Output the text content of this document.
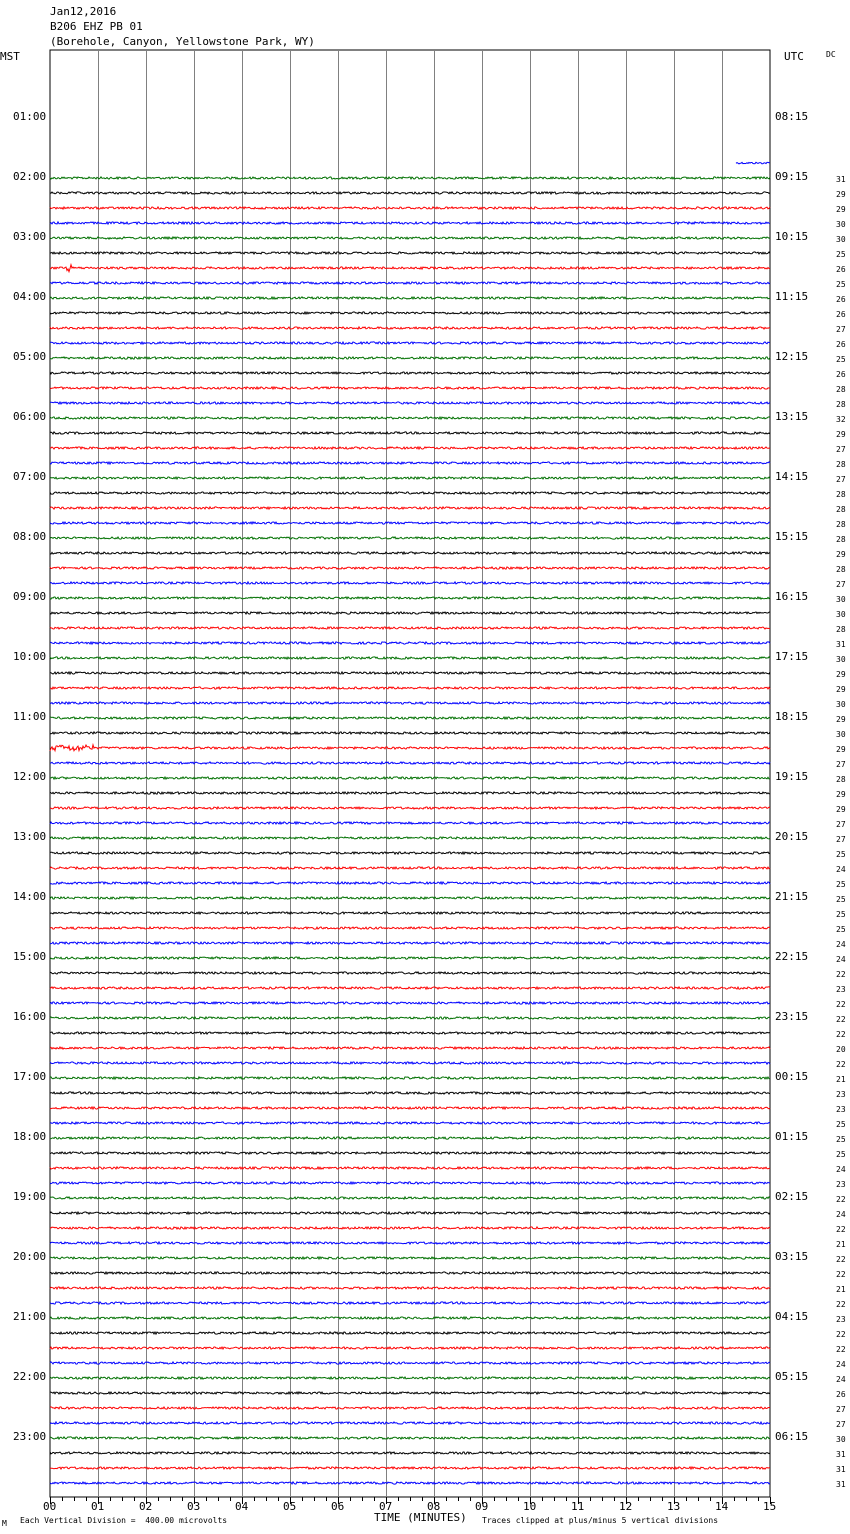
Jan12,2016
B206 EHZ PB 01
(Borehole, Canyon, Yellowstone Park, WY)
MST	UTC	DC
00	01	02	03	04	05	06	07	08	09	10	11	12	13	14	15
01:00
02:00
03:00
04:00
05:00
06:00
07:00
08:00
09:00
10:00
11:00
12:00
13:00
14:00
15:00
16:00
17:00
18:00
19:00
20:00
21:00
22:00
23:00
08:15
09:15
10:15
11:15
12:15
13:15
14:15
15:15
16:15
17:15
18:15
19:15
20:15
21:15
22:15
23:15
00:15
01:15
02:15
03:15
04:15
05:15
06:15
31
29
29
30
30
25
26
25
26
26
27
26
25
26
28
28
32
29
27
28
27
28
28
28
28
29
28
27
30
30
28
31
30
29
29
30
29
30
29
27
28
29
29
27
27
25
24
25
25
25
25
24
24
22
23
22
22
22
20
22
21
23
23
25
25
25
24
23
22
24
22
21
22
22
21
22
23
22
22
24
24
26
27
27
30
31
31
31
M Each Vertical Division =  400.00 microvolts	TIME (MINUTES) Traces clipped at plus/minus 5 vertical divisions
